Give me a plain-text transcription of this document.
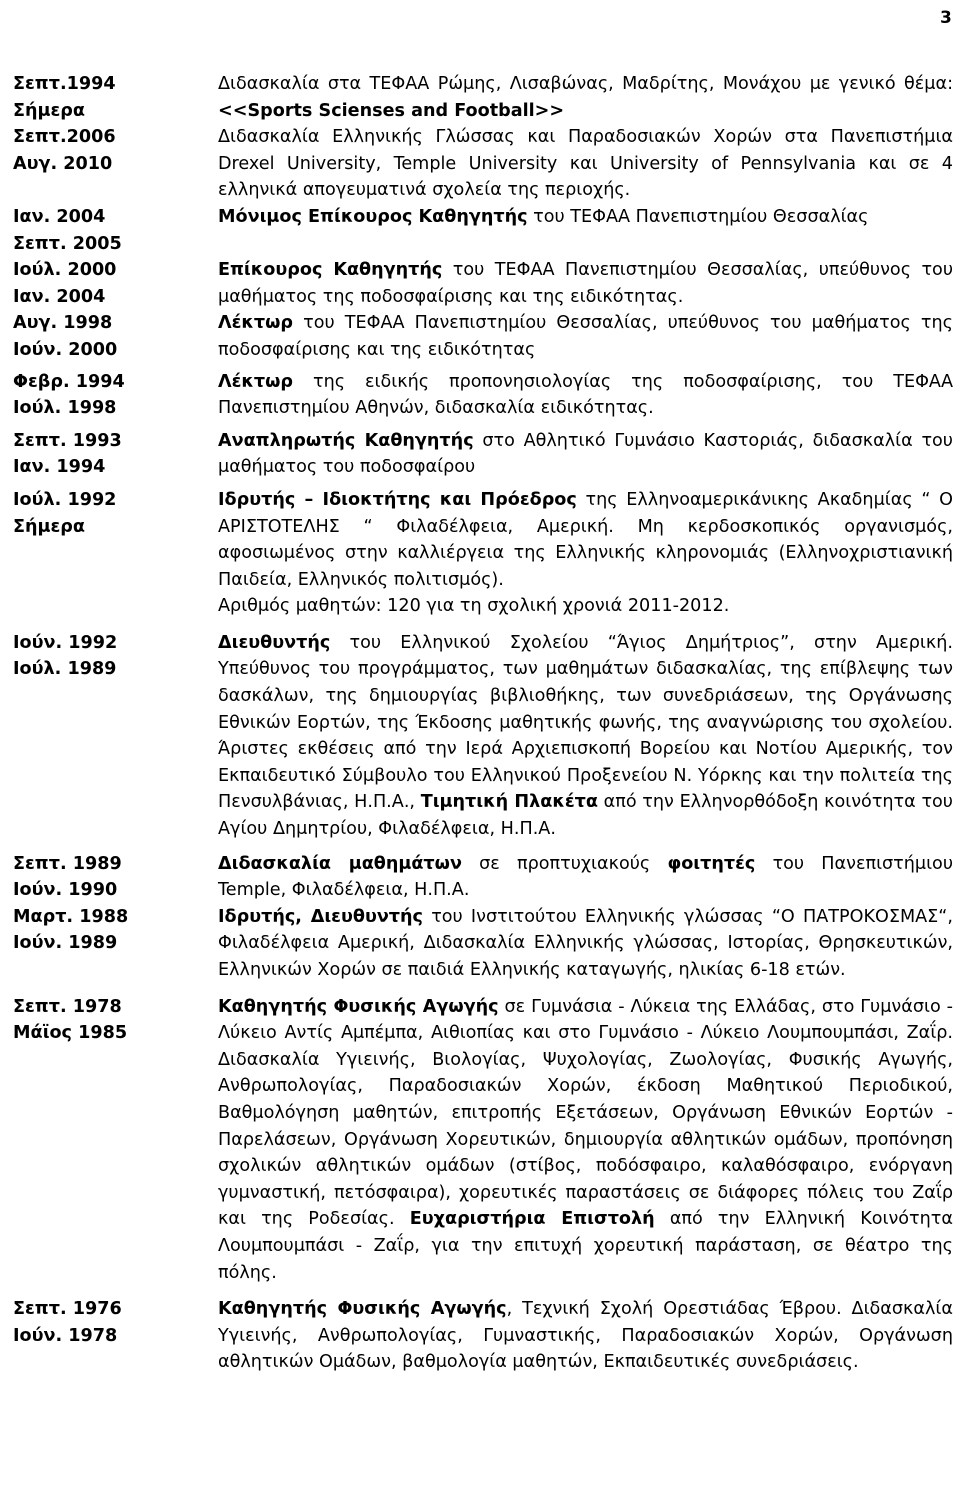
3
Σεπτ.1994
Σήμερα
Σεπτ.2006
Αυγ. 2010
Διδασκαλία στα ΤΕΦΑΑ Ρώμης, Λισαβώνας, Μαδρίτης, Μονάχου με γενικό θέμα: <<Sports Scienses and Football>>
Διδασκαλία Ελληνικής Γλώσσας και Παραδοσιακών Χορών στα Πανεπιστήμια Drexel University, Temple University και University of Pennsylvania και σε 4 ελληνικά απογευματινά σχολεία της περιοχής.
Ιαν. 2004
Σεπτ. 2005
Μόνιμος Επίκουρος Καθηγητής του ΤΕΦΑΑ Πανεπιστημίου Θεσσαλίας
Ιούλ. 2000
Ιαν. 2004
Επίκουρος Καθηγητής του ΤΕΦΑΑ Πανεπιστημίου Θεσσαλίας, υπεύθυνος του μαθήματος της ποδοσφαίρισης και της ειδικότητας.
Αυγ. 1998
Ιούν. 2000
Λέκτωρ του ΤΕΦΑΑ Πανεπιστημίου Θεσσαλίας, υπεύθυνος του μαθήματος της ποδοσφαίρισης και της ειδικότητας
Φεβρ. 1994
Ιούλ. 1998
Λέκτωρ της ειδικής προπονησιολογίας της ποδοσφαίρισης, του ΤΕΦΑΑ Πανεπιστημίου Αθηνών, διδασκαλία ειδικότητας.
Σεπτ. 1993
Ιαν. 1994
Αναπληρωτής Καθηγητής στο Αθλητικό Γυμνάσιο Καστοριάς, διδασκαλία του μαθήματος του ποδοσφαίρου
Ιούλ. 1992
Σήμερα
Ιδρυτής – Ιδιοκτήτης και Πρόεδρος της Ελληνοαμερικάνικης Ακαδημίας “ Ο ΑΡΙΣΤΟΤΕΛΗΣ “ Φιλαδέλφεια, Αμερική. Μη κερδοσκοπικός οργανισμός, αφοσιωμένος στην καλλιέργεια της Ελληνικής κληρονομιάς (Ελληνοχριστιανική Παιδεία, Ελληνικός πολιτισμός).
Αριθμός μαθητών: 120 για τη σχολική χρονιά 2011-2012.
Ιούν. 1992
Ιούλ. 1989
Διευθυντής του Ελληνικού Σχολείου “Άγιος Δημήτριος”, στην Αμερική. Υπεύθυνος του προγράμματος, των μαθημάτων διδασκαλίας, της επίβλεψης των δασκάλων, της δημιουργίας βιβλιοθήκης, των συνεδριάσεων, της Οργάνωσης Εθνικών Εορτών, της Έκδοσης μαθητικής φωνής, της αναγνώρισης του σχολείου. Άριστες εκθέσεις από την Ιερά Αρχιεπισκοπή Βορείου και Νοτίου Αμερικής, τον Εκπαιδευτικό Σύμβουλο του Ελληνικού Προξενείου Ν. Υόρκης και την πολιτεία της Πενσυλβάνιας, Η.Π.Α., Τιμητική Πλακέτα από την Ελληνορθόδοξη κοινότητα του Αγίου Δημητρίου, Φιλαδέλφεια, Η.Π.Α.
Σεπτ. 1989
Ιούν. 1990
Διδασκαλία μαθημάτων σε προπτυχιακούς φοιτητές του Πανεπιστήμιου Temple, Φιλαδέλφεια, Η.Π.Α.
Μαρτ. 1988
Ιούν. 1989
Ιδρυτής, Διευθυντής του Ινστιτούτου Ελληνικής γλώσσας “Ο ΠΑΤΡΟΚΟΣΜΑΣ“, Φιλαδέλφεια Αμερική, Διδασκαλία Ελληνικής γλώσσας, Ιστορίας, Θρησκευτικών, Ελληνικών Χορών σε παιδιά Ελληνικής καταγωγής, ηλικίας 6-18 ετών.
Σεπτ. 1978
Μάϊος 1985
Καθηγητής Φυσικής Αγωγής σε Γυμνάσια - Λύκεια της Ελλάδας, στο Γυμνάσιο - Λύκειο Αντίς Αμπέμπα, Αιθιοπίας και στο Γυμνάσιο - Λύκειο Λουμπουμπάσι, Ζαΐρ. Διδασκαλία Υγιεινής, Βιολογίας, Ψυχολογίας, Ζωολογίας, Φυσικής Αγωγής, Ανθρωπολογίας, Παραδοσιακών Χορών, έκδοση Μαθητικού Περιοδικού, Βαθμολόγηση μαθητών, επιτροπής Εξετάσεων, Οργάνωση Εθνικών Εορτών - Παρελάσεων, Οργάνωση Χορευτικών, δημιουργία αθλητικών ομάδων, προπόνηση σχολικών αθλητικών ομάδων (στίβος, ποδόσφαιρο, καλαθόσφαιρο, ενόργανη γυμναστική, πετόσφαιρα), χορευτικές παραστάσεις σε διάφορες πόλεις του Ζαΐρ και της Ροδεσίας. Ευχαριστήρια Επιστολή από την Ελληνική Κοινότητα Λουμπουμπάσι - Ζαΐρ, για την επιτυχή χορευτική παράσταση, σε θέατρο της πόλης.
Σεπτ. 1976
Ιούν. 1978
Καθηγητής Φυσικής Αγωγής, Τεχνική Σχολή Ορεστιάδας Έβρου. Διδασκαλία Υγιεινής, Ανθρωπολογίας, Γυμναστικής, Παραδοσιακών Χορών, Οργάνωση αθλητικών Ομάδων, βαθμολογία μαθητών, Εκπαιδευτικές συνεδριάσεις.
